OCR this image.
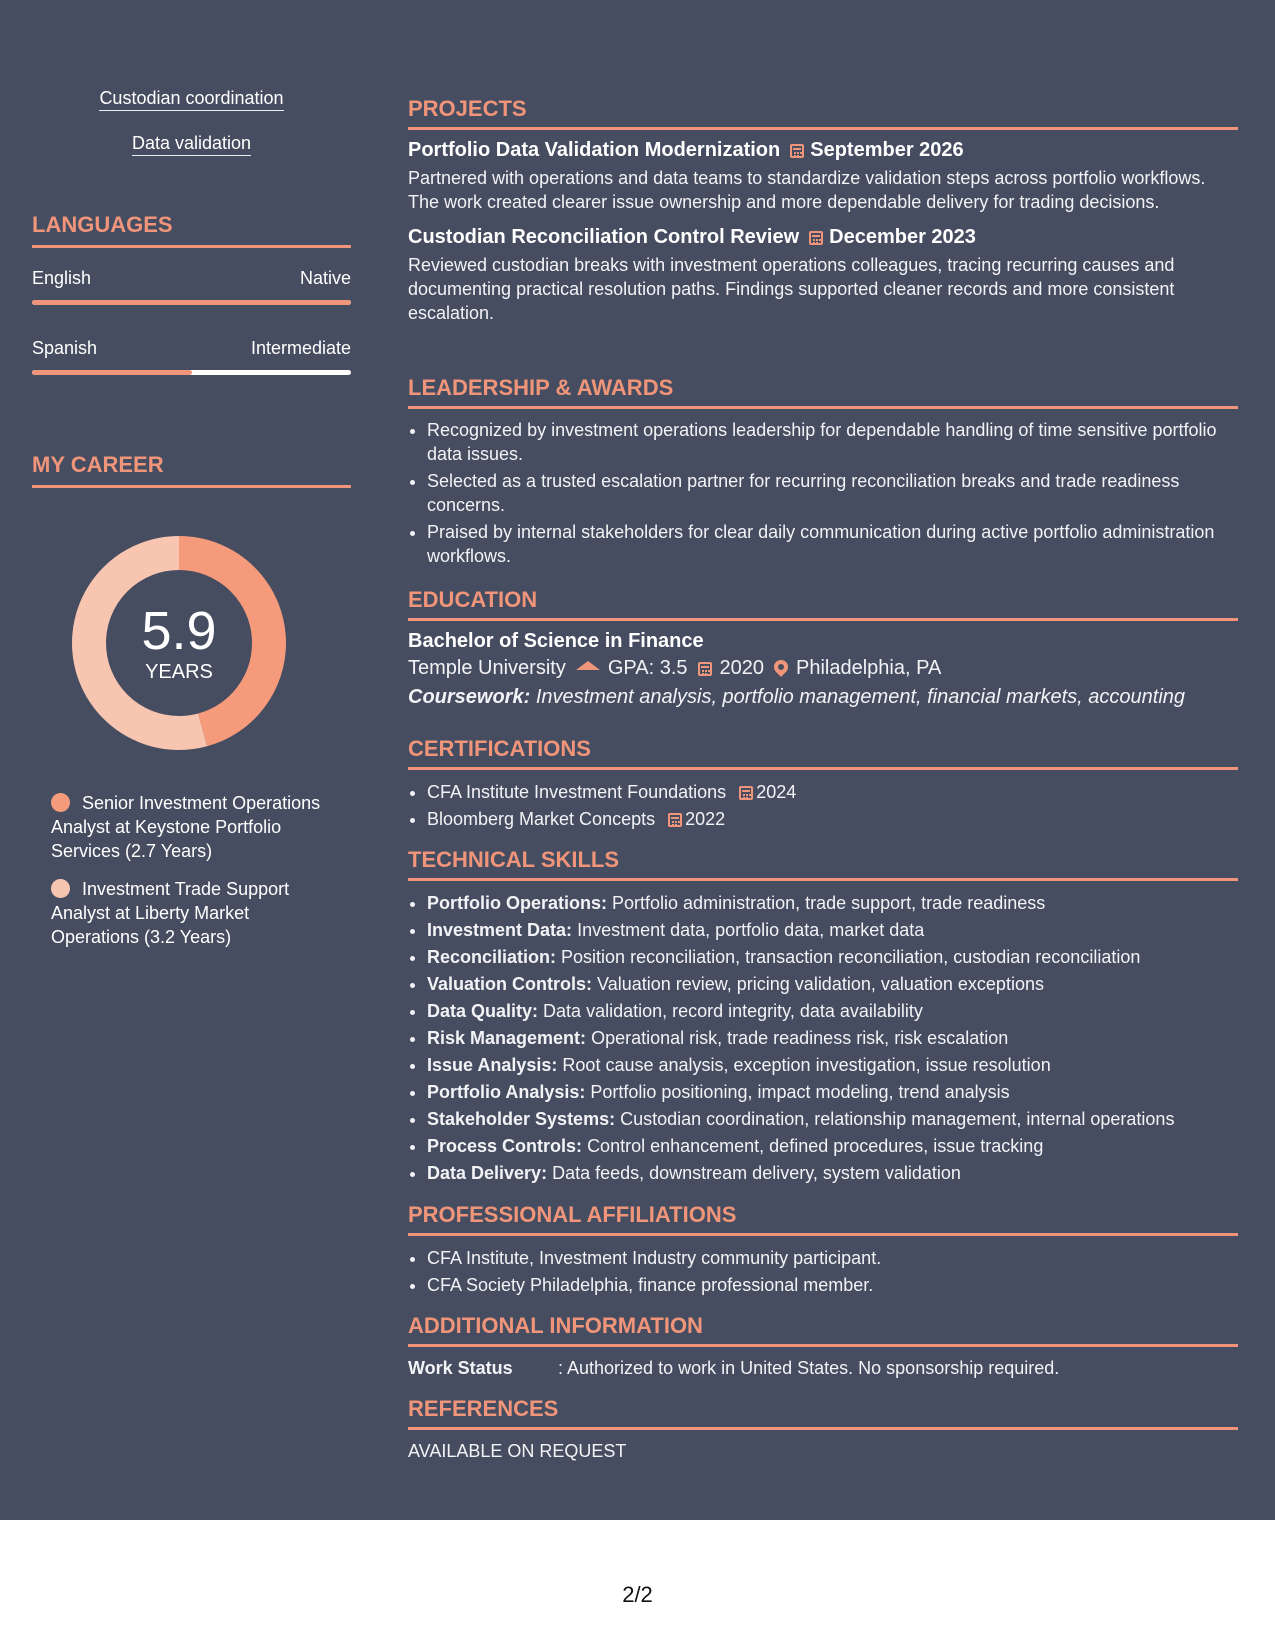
Custodian coordination
Data validation
LANGUAGES
English	Native
Spanish	Intermediate
MY CAREER
5.9
YEARS
Senior Investment Operations Analyst at Keystone Portfolio Services (2.7 Years)
Investment Trade Support Analyst at Liberty Market Operations (3.2 Years)
PROJECTS
Portfolio Data Validation Modernization September 2026
Partnered with operations and data teams to standardize validation steps across portfolio workflows. The work created clearer issue ownership and more dependable delivery for trading decisions.
Custodian Reconciliation Control Review December 2023
Reviewed custodian breaks with investment operations colleagues, tracing recurring causes and documenting practical resolution paths. Findings supported cleaner records and more consistent escalation.
LEADERSHIP & AWARDS
• Recognized by investment operations leadership for dependable handling of time sensitive portfolio data issues.
• Selected as a trusted escalation partner for recurring reconciliation breaks and trade readiness concerns.
• Praised by internal stakeholders for clear daily communication during active portfolio administration workflows.
EDUCATION
Bachelor of Science in Finance
Temple University GPA: 3.5 2020 Philadelphia, PA
Coursework: Investment analysis, portfolio management, financial markets, accounting
CERTIFICATIONS
• CFA Institute Investment Foundations 2024
• Bloomberg Market Concepts 2022
TECHNICAL SKILLS
• Portfolio Operations: Portfolio administration, trade support, trade readiness
• Investment Data: Investment data, portfolio data, market data
• Reconciliation: Position reconciliation, transaction reconciliation, custodian reconciliation
• Valuation Controls: Valuation review, pricing validation, valuation exceptions
• Data Quality: Data validation, record integrity, data availability
• Risk Management: Operational risk, trade readiness risk, risk escalation
• Issue Analysis: Root cause analysis, exception investigation, issue resolution
• Portfolio Analysis: Portfolio positioning, impact modeling, trend analysis
• Stakeholder Systems: Custodian coordination, relationship management, internal operations
• Process Controls: Control enhancement, defined procedures, issue tracking
• Data Delivery: Data feeds, downstream delivery, system validation
PROFESSIONAL AFFILIATIONS
• CFA Institute, Investment Industry community participant.
• CFA Society Philadelphia, finance professional member.
ADDITIONAL INFORMATION
Work Status	: Authorized to work in United States. No sponsorship required.
REFERENCES
AVAILABLE ON REQUEST
2/2
